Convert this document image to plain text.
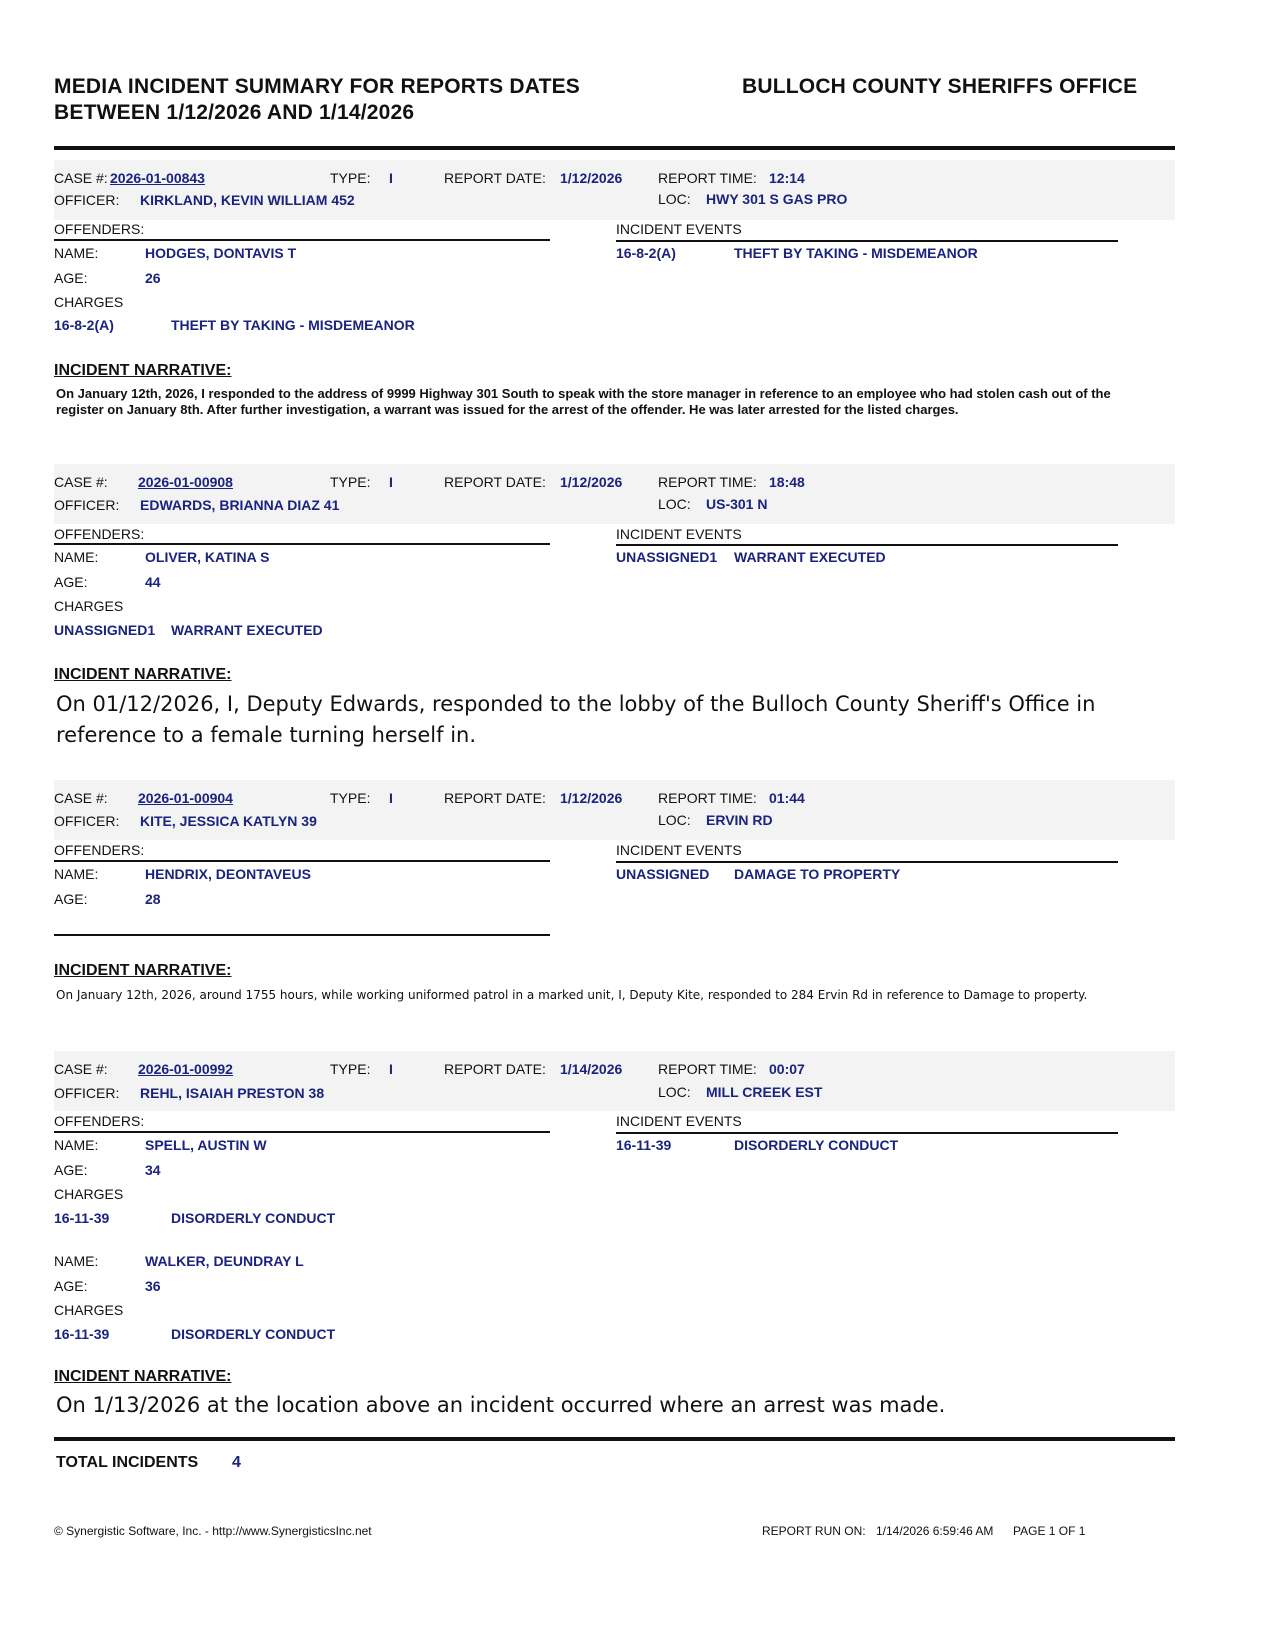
MEDIA INCIDENT SUMMARY FOR REPORTS DATES
BETWEEN 1/12/2026 AND 1/14/2026
BULLOCH COUNTY SHERIFFS OFFICE
CASE #: 2026-01-00843	TYPE: I	REPORT DATE: 1/12/2026	REPORT TIME: 12:14
OFFICER: KIRKLAND, KEVIN WILLIAM 452	LOC: HWY 301 S GAS PRO
OFFENDERS:	INCIDENT EVENTS
16-8-2(A)	THEFT BY TAKING - MISDEMEANOR
NAME:	HODGES, DONTAVIS T
AGE:	26
CHARGES
16-8-2(A)	THEFT BY TAKING - MISDEMEANOR
INCIDENT NARRATIVE:
On January 12th, 2026, I responded to the address of 9999 Highway 301 South to speak with the store manager in reference to an employee who had stolen cash out of the register on January 8th. After further investigation, a warrant was issued for the arrest of the offender. He was later arrested for the listed charges.
CASE #: 2026-01-00908	TYPE: I	REPORT DATE: 1/12/2026	REPORT TIME: 18:48
OFFICER: EDWARDS, BRIANNA DIAZ 41	LOC: US-301 N
OFFENDERS:	INCIDENT EVENTS
UNASSIGNED1 WARRANT EXECUTED
NAME:	OLIVER, KATINA S
AGE:	44
CHARGES
UNASSIGNED1 WARRANT EXECUTED
INCIDENT NARRATIVE:
On 01/12/2026, I, Deputy Edwards, responded to the lobby of the Bulloch County Sheriff's Office in reference to a female turning herself in.
CASE #: 2026-01-00904	TYPE: I	REPORT DATE: 1/12/2026	REPORT TIME: 01:44
OFFICER: KITE, JESSICA KATLYN 39	LOC: ERVIN RD
OFFENDERS:	INCIDENT EVENTS
UNASSIGNED DAMAGE TO PROPERTY
NAME:	HENDRIX, DEONTAVEUS
AGE:	28
INCIDENT NARRATIVE:
On January 12th, 2026, around 1755 hours, while working uniformed patrol in a marked unit, I, Deputy Kite, responded to 284 Ervin Rd in reference to Damage to property.
CASE #: 2026-01-00992	TYPE: I	REPORT DATE: 1/14/2026	REPORT TIME: 00:07
OFFICER: REHL, ISAIAH PRESTON 38	LOC: MILL CREEK EST
OFFENDERS:	INCIDENT EVENTS
16-11-39	DISORDERLY CONDUCT
NAME:	SPELL, AUSTIN W
AGE:	34
CHARGES
16-11-39	DISORDERLY CONDUCT
NAME:	WALKER, DEUNDRAY L
AGE:	36
CHARGES
16-11-39	DISORDERLY CONDUCT
INCIDENT NARRATIVE:
On 1/13/2026 at the location above an incident occurred where an arrest was made.
TOTAL INCIDENTS 4
© Synergistic Software, Inc. - http://www.SynergisticsInc.net	REPORT RUN ON: 1/14/2026 6:59:46 AM PAGE 1 OF 1
